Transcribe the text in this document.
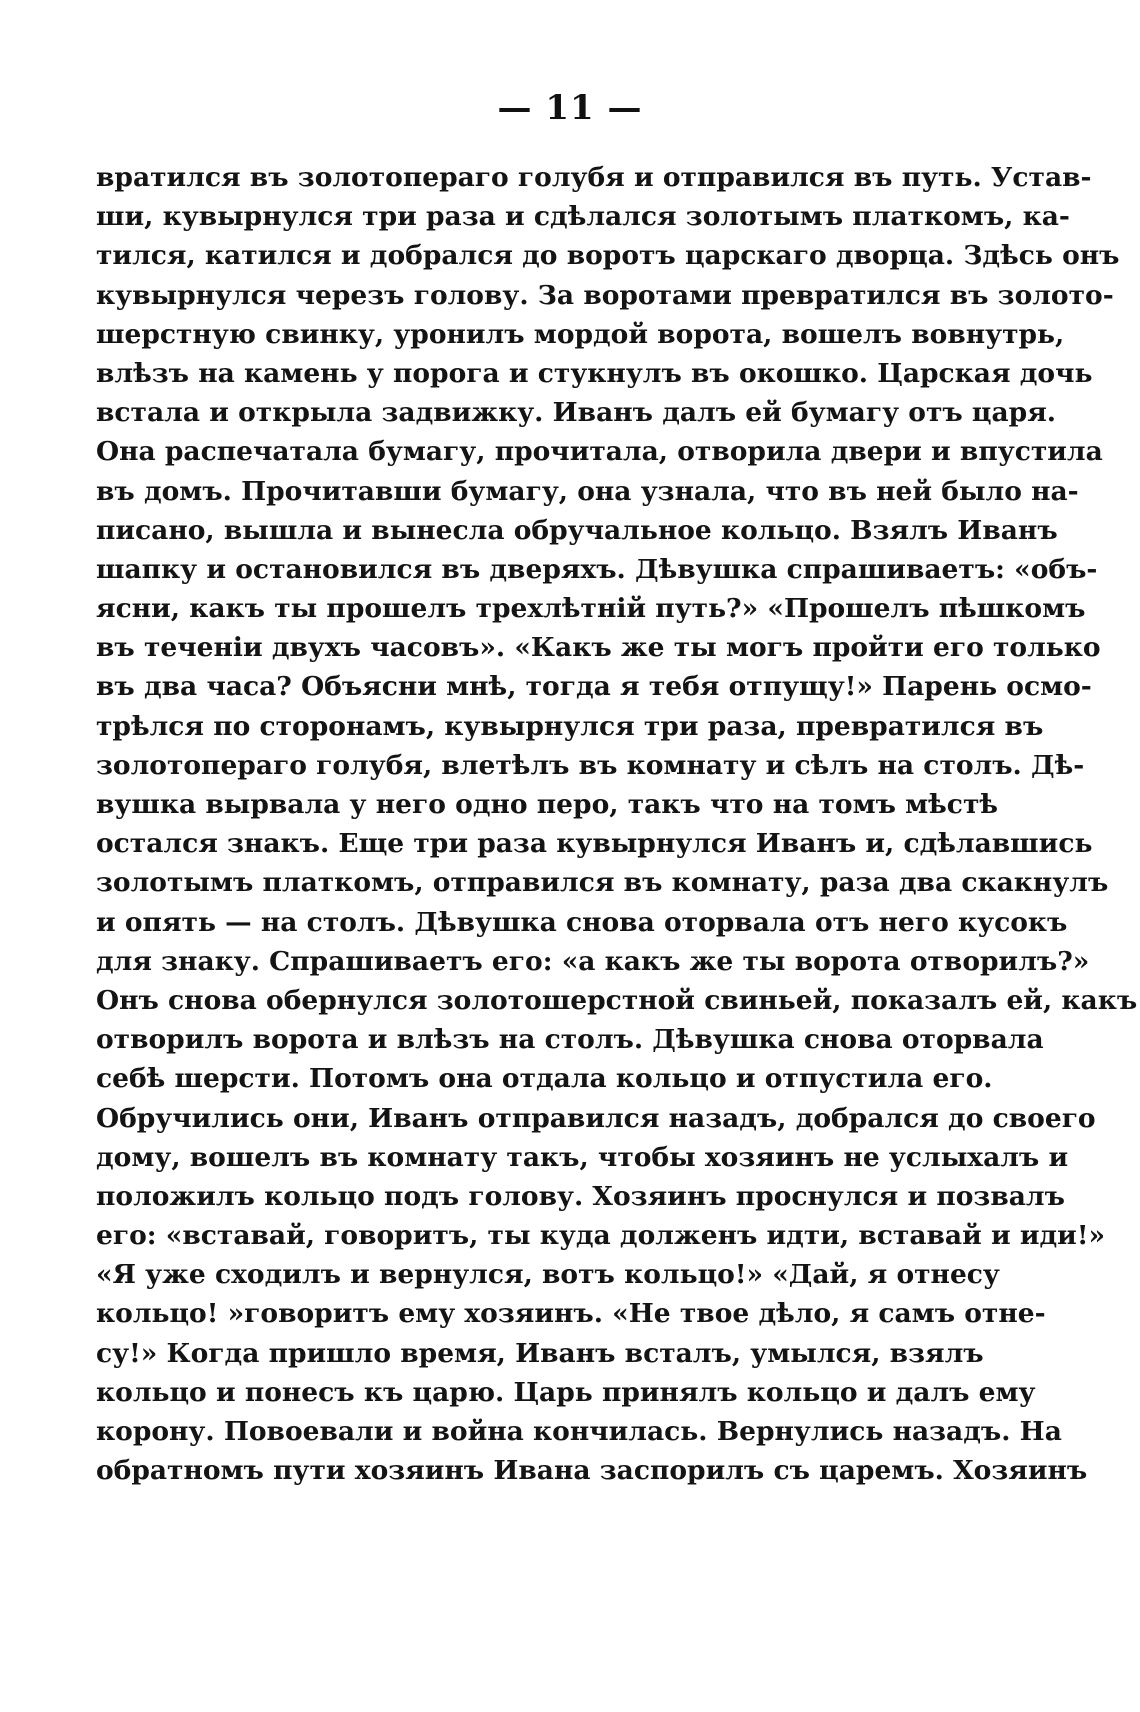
— 11 —
вратился въ золотоперaго голубя и отправился въ путь. Устав-
ши, кувырнулся три раза и сдѣлался золотымъ платкомъ, ка-
тился, катился и добрался до воротъ царскаго дворца. Здѣсь онъ
кувырнулся черезъ голову. За воротами превратился въ золото-
шерстную свинку, уронилъ мордой ворота, вошелъ вовнутрь,
влѣзъ на камень у порога и стукнулъ въ окошко. Царская дочь
встала и открыла задвижку. Иванъ далъ ей бумагу отъ царя.
Она распечатала бумагу, прочитала, отворила двери и впустила
въ домъ. Прочитавши бумагу, она узнала, что въ ней было на-
писано, вышла и вынесла обручальное кольцо. Взялъ Иванъ
шапку и остановился въ дверяхъ. Дѣвушка спрашиваетъ: «объ-
ясни, какъ ты прошелъ трехлѣтній путь?» «Прошелъ пѣшкомъ
въ теченіи двухъ часовъ». «Какъ же ты могъ пройти его только
въ два часа? Объясни мнѣ, тогда я тебя отпущу!» Парень осмо-
трѣлся по сторонамъ, кувырнулся три раза, превратился въ
золотоперaго голубя, влетѣлъ въ комнату и сѣлъ на столъ. Дѣ-
вушка вырвала у него одно перо, такъ что на томъ мѣстѣ
остался знакъ. Еще три раза кувырнулся Иванъ и, сдѣлавшись
золотымъ платкомъ, отправился въ комнату, раза два скакнулъ
и опять — на столъ. Дѣвушка снова оторвала отъ него кусокъ
для знаку. Спрашиваетъ его: «а какъ же ты ворота отворилъ?»
Онъ снова обернулся золотошерстной свиньей, показалъ ей, какъ
отворилъ ворота и влѣзъ на столъ. Дѣвушка снова оторвала
себѣ шерсти. Потомъ она отдала кольцо и отпустила его.
Обручились они, Иванъ отправился назадъ, добрался до своего
дому, вошелъ въ комнату такъ, чтобы хозяинъ не услыхалъ и
положилъ кольцо подъ голову. Хозяинъ проснулся и позвалъ
его: «вставай, говоритъ, ты куда долженъ идти, вставай и иди!»
«Я уже сходилъ и вернулся, вотъ кольцо!» «Дай, я отнесу
кольцо! »говоритъ ему хозяинъ. «Не твое дѣло, я самъ отне-
су!» Когда пришло время, Иванъ всталъ, умылся, взялъ
кольцо и понесъ къ царю. Царь принялъ кольцо и далъ ему
корону. Повоевали и война кончилась. Вернулись назадъ. На
обратномъ пути хозяинъ Ивана заспорилъ съ царемъ. Хозяинъ
